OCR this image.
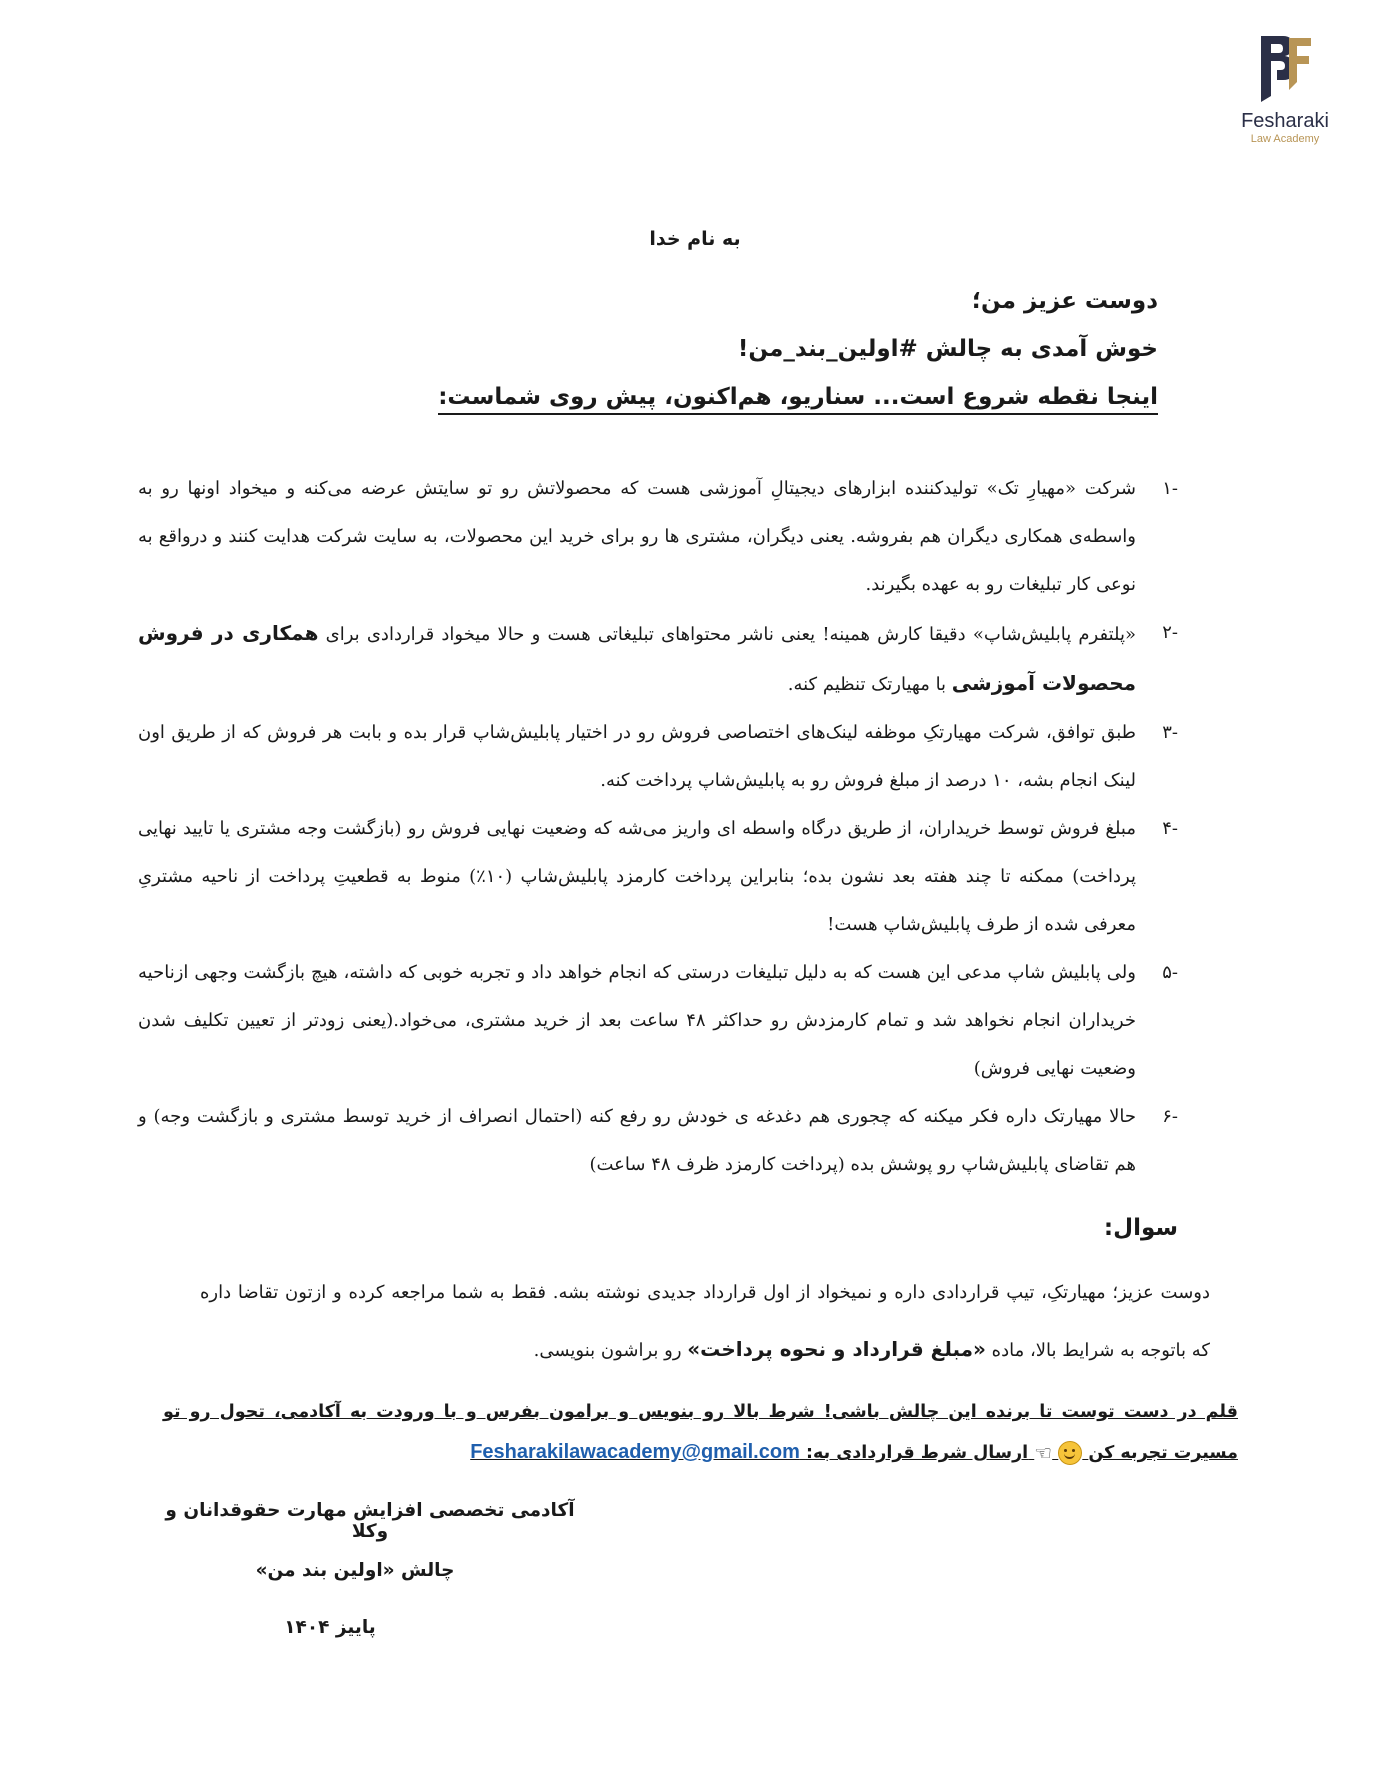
Fesharaki
Law Academy
به نام خدا
دوست عزیز من؛
خوش آمدی به چالش #اولین_بند_من!
اینجا نقطه شروع است... سناریو، هم‌اکنون، پیش روی شماست:
-۱
شرکت «مهیارِ تک» تولیدکننده ابزارهای دیجیتالِ آموزشی هست که محصولاتش رو تو سایتش عرضه می‌کنه و میخواد اونها رو به واسطه‌ی همکاری دیگران هم بفروشه. یعنی دیگران، مشتری ها رو برای خرید این محصولات، به سایت شرکت هدایت کنند و درواقع به نوعی کار تبلیغات رو به عهده بگیرند.
-۲
«پلتفرم پابلیش‌شاپ» دقیقا کارش همینه! یعنی ناشر محتواهای تبلیغاتی هست و حالا میخواد قراردادی برای همکاری در فروش محصولات آموزشی با مهیارتک تنظیم کنه.
-۳
طبق توافق، شرکت مهیارتکِ موظفه لینک‌های اختصاصی فروش رو در اختیار پابلیش‌شاپ قرار بده و بابت هر فروش که از طریق اون لینک انجام بشه، ۱۰ درصد از مبلغ فروش رو به پابلیش‌شاپ پرداخت کنه.
-۴
مبلغ فروش توسط خریداران، از طریق درگاه واسطه ای واریز می‌شه که وضعیت نهایی فروش رو (بازگشت وجه مشتری یا تایید نهایی پرداخت) ممکنه تا چند هفته بعد نشون بده؛ بنابراین پرداخت کارمزد پابلیش‌شاپ (۱۰٪) منوط به قطعیتِ پرداخت از ناحیه مشتریِ معرفی شده از طرف پابلیش‌شاپ هست!
-۵
ولی پابلیش شاپ مدعی این هست که به دلیل تبلیغات درستی که انجام خواهد داد و تجربه خوبی که داشته، هیچ بازگشت وجهی ازناحیه خریداران انجام نخواهد شد و تمام کارمزدش رو حداکثر ۴۸ ساعت بعد از خرید مشتری، می‌خواد.(یعنی زودتر از تعیین تکلیف شدن وضعیت نهایی فروش)
-۶
حالا مهیارتک داره فکر میکنه که چجوری هم دغدغه ی خودش رو رفع کنه (احتمال انصراف از خرید توسط مشتری و بازگشت وجه) و هم تقاضای پابلیش‌شاپ رو پوشش بده (پرداخت کارمزد ظرف ۴۸ ساعت)
سوال:
دوست عزیز؛ مهیارتکِ، تیپ قراردادی داره و نمیخواد از اول قرارداد جدیدی نوشته بشه. فقط به شما مراجعه کرده و ازتون تقاضا داره که باتوجه به شرایط بالا، ماده «مبلغ قرارداد و نحوه پرداخت» رو براشون بنویسی.
قلم در دست توست تا برنده این چالش باشی! شرط بالا رو بنویس و برامون بفرس و با ورودت به آکادمی، تحول رو تو مسیرت تجربه کن  ☜ ارسال شرط قراردادی به: Fesharakilawacademy@gmail.com
آکادمی تخصصی افزایش مهارت حقوقدانان و وکلا
چالش «اولین بند من»
پاییز ۱۴۰۴
